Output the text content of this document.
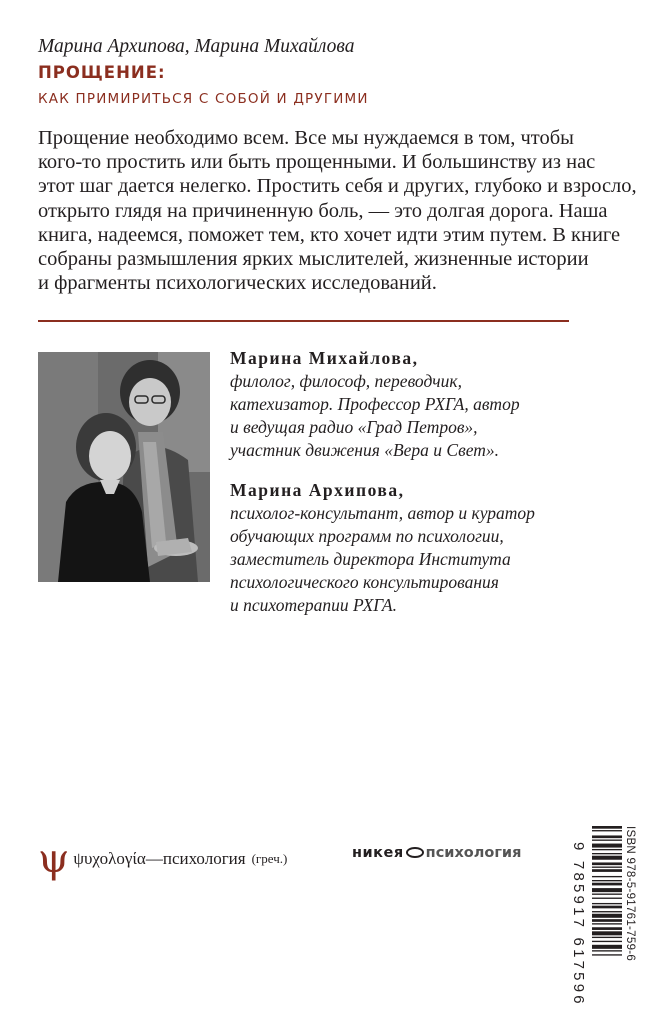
Марина Архипова, Марина Михайлова
ПРОЩЕНИЕ:
КАК ПРИМИРИТЬСЯ С СОБОЙ И ДРУГИМИ
Прощение необходимо всем. Все мы нуждаемся в том, чтобы
кого-то простить или быть прощенными. И большинству из нас
этот шаг дается нелегко. Простить себя и других, глубоко и взросло,
открыто глядя на причиненную боль, — это долгая дорога. Наша
книга, надеемся, поможет тем, кто хочет идти этим путем. В книге
собраны размышления ярких мыслителей, жизненные истории
и фрагменты психологических исследований.
Марина Михайлова,
филолог, философ, переводчик,
катехизатор. Профессор РХГА, автор
и ведущая радио «Град Петров»,
участник движения «Вера и Свет».
Марина Архипова,
психолог-консультант, автор и куратор
обучающих программ по психологии,
заместитель директора Института
психологического консультирования
и психотерапии РХГА.
ψψυχολογία—психология (греч.)	никея психология	9 785917 617596	ISBN 978-5-91761-759-6
